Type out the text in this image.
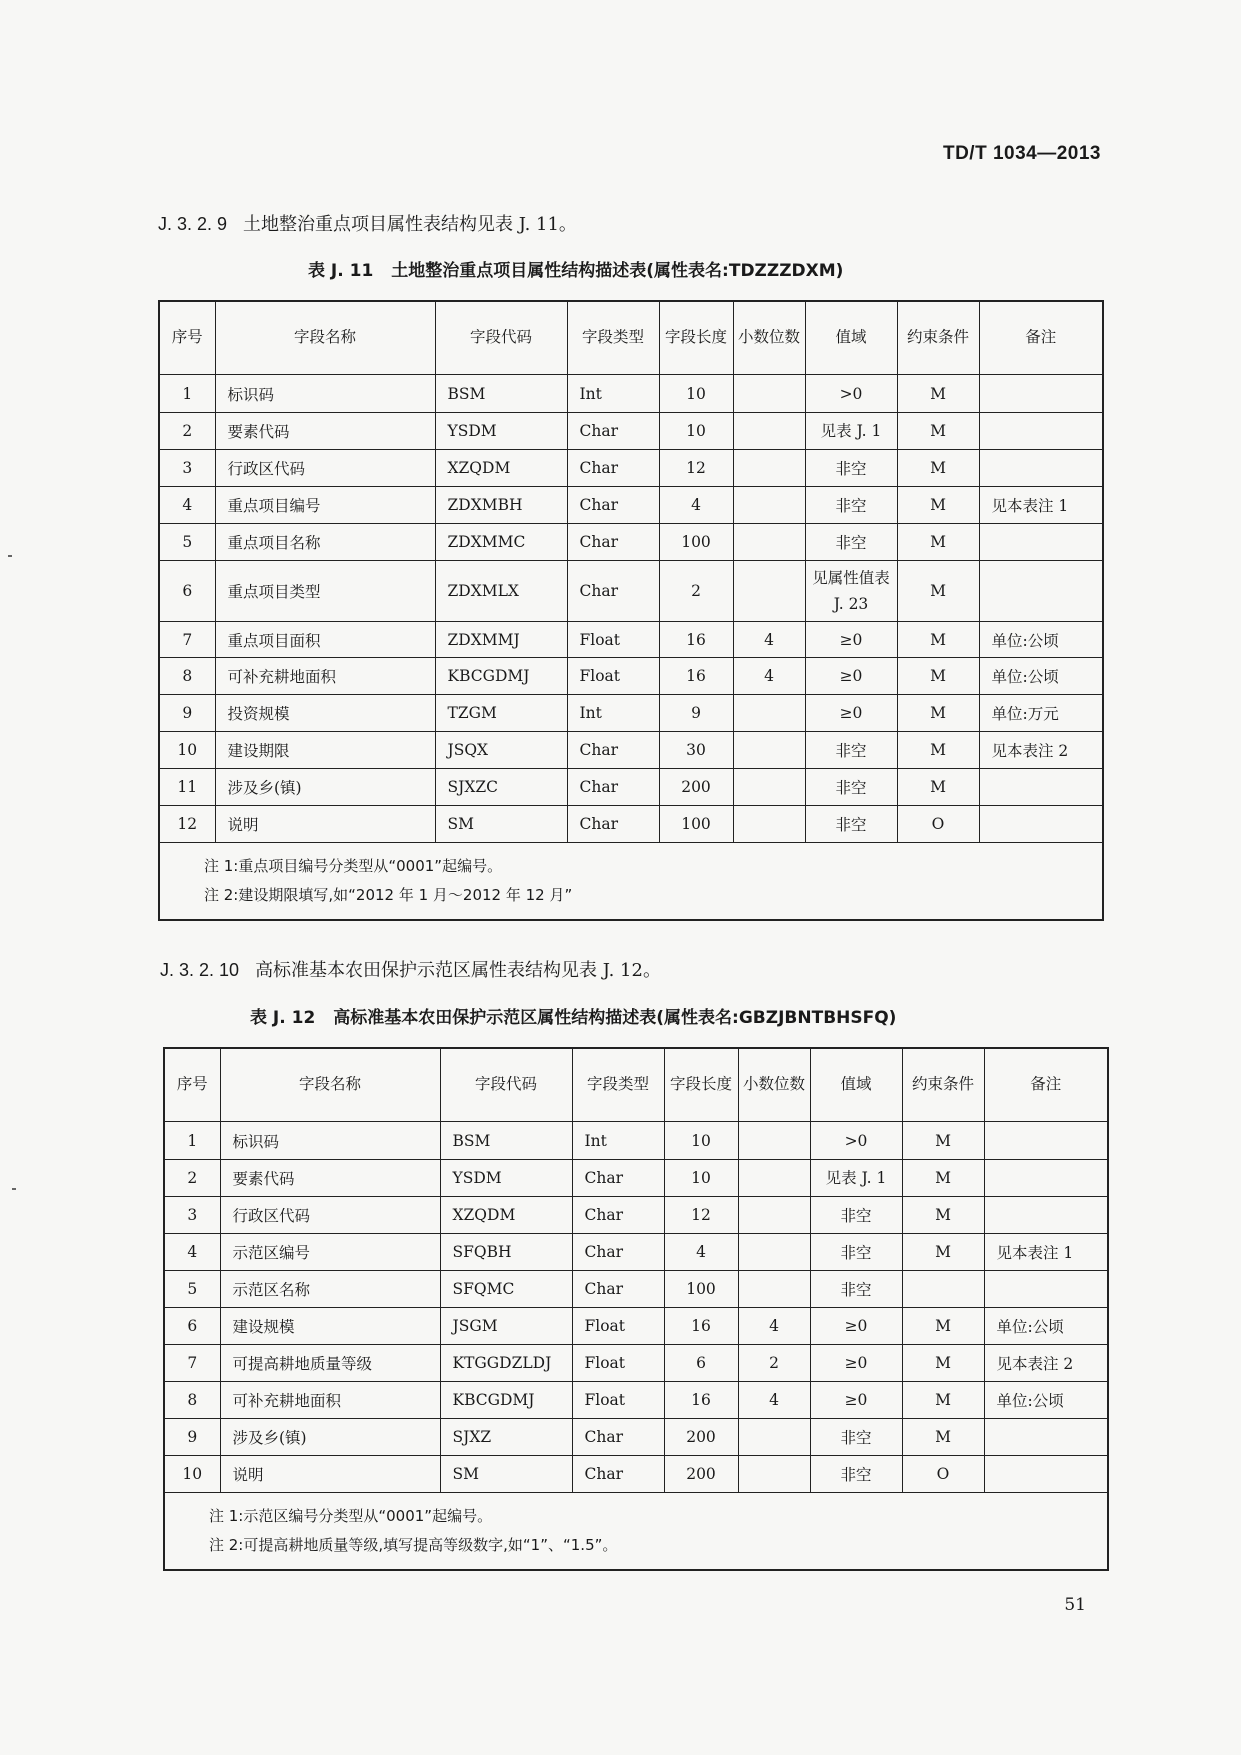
TD/T 1034—2013
J. 3. 2. 9 土地整治重点项目属性表结构见表 J. 11。
表 J. 11 土地整治重点项目属性结构描述表(属性表名:TDZZZDXM)
序号	字段名称	字段代码	字段类型	字段长度	小数位数	值域	约束条件	备注
1	标识码	BSM	Int	10		>0	M	
2	要素代码	YSDM	Char	10		见表 J. 1	M	
3	行政区代码	XZQDM	Char	12		非空	M	
4	重点项目编号	ZDXMBH	Char	4		非空	M	见本表注 1
5	重点项目名称	ZDXMMC	Char	100		非空	M	
6	重点项目类型	ZDXMLX	Char	2		见属性值表 J. 23	M	
7	重点项目面积	ZDXMMJ	Float	16	4	≥0	M	单位:公顷
8	可补充耕地面积	KBCGDMJ	Float	16	4	≥0	M	单位:公顷
9	投资规模	TZGM	Int	9		≥0	M	单位:万元
10	建设期限	JSQX	Char	30		非空	M	见本表注 2
11	涉及乡(镇)	SJXZC	Char	200		非空	M	
12	说明	SM	Char	100		非空	O	

注 1:重点项目编号分类型从“0001”起编号。
注 2:建设期限填写,如“2012 年 1 月～2012 年 12 月”								
J. 3. 2. 10 高标准基本农田保护示范区属性表结构见表 J. 12。
表 J. 12 高标准基本农田保护示范区属性结构描述表(属性表名:GBZJBNTBHSFQ)
序号	字段名称	字段代码	字段类型	字段长度	小数位数	值域	约束条件	备注
1	标识码	BSM	Int	10		>0	M	
2	要素代码	YSDM	Char	10		见表 J. 1	M	
3	行政区代码	XZQDM	Char	12		非空	M	
4	示范区编号	SFQBH	Char	4		非空	M	见本表注 1
5	示范区名称	SFQMC	Char	100		非空		
6	建设规模	JSGM	Float	16	4	≥0	M	单位:公顷
7	可提高耕地质量等级	KTGGDZLDJ	Float	6	2	≥0	M	见本表注 2
8	可补充耕地面积	KBCGDMJ	Float	16	4	≥0	M	单位:公顷
9	涉及乡(镇)	SJXZ	Char	200		非空	M	
10	说明	SM	Char	200		非空	O	

注 1:示范区编号分类型从“0001”起编号。
注 2:可提高耕地质量等级,填写提高等级数字,如“1”、“1.5”。								
51
